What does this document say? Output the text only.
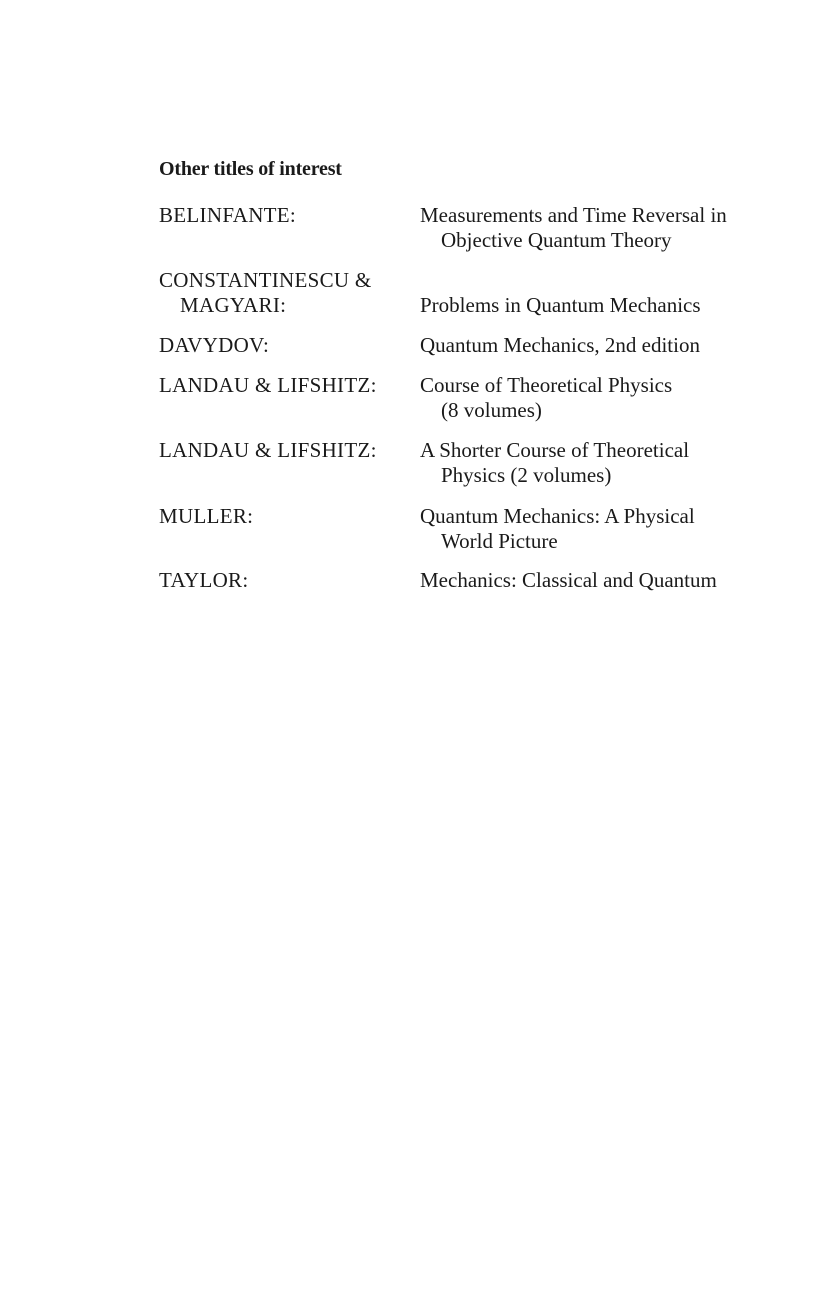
Other titles of interest
BELINFANTE:	Measurements and Time Reversal in
Objective Quantum Theory
CONSTANTINESCU &
MAGYARI:	Problems in Quantum Mechanics
DAVYDOV:	Quantum Mechanics, 2nd edition
LANDAU & LIFSHITZ: Course of Theoretical Physics
(8 volumes)
LANDAU & LIFSHITZ: A Shorter Course of Theoretical
Physics (2 volumes)
MULLER:	Quantum Mechanics: A Physical
World Picture
TAYLOR:	Mechanics: Classical and Quantum
